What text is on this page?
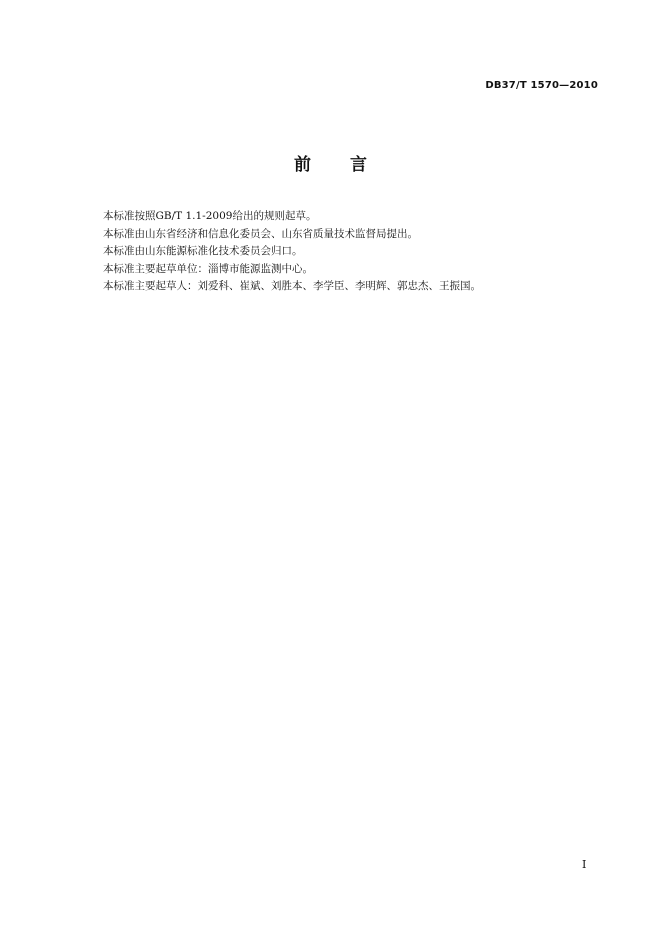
DB37/T 1570—2010
前 言
本标准按照GB/T 1.1-2009给出的规则起草。
本标准由山东省经济和信息化委员会、山东省质量技术监督局提出。
本标准由山东能源标准化技术委员会归口。
本标准主要起草单位：淄博市能源监测中心。
本标准主要起草人：刘爱科、崔斌、刘胜本、李学臣、李明辉、郭忠杰、王振国。
I
